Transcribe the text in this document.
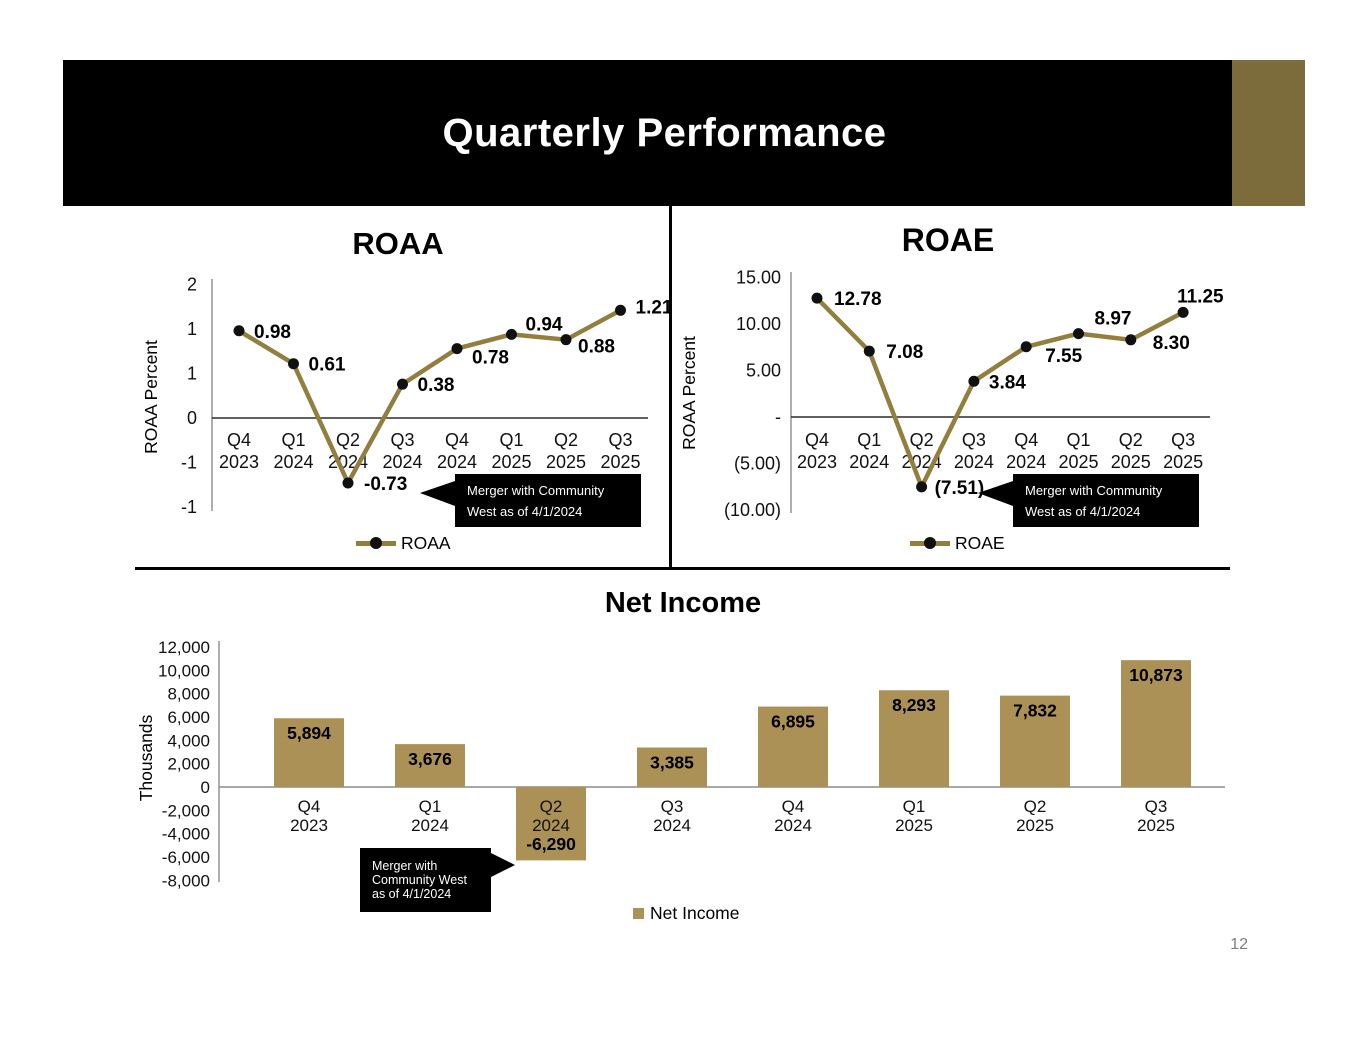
Quarterly Performance
ROAA	ROAE
Net Income
ROAA Percent	ROAA Percent
Thousands
2
1
1
0
-1
-1
Q4
2023
Q1
2024
Q2
2024
Q3
2024
Q4
2024
Q1
2025
Q2
2025
Q3
2025
0.98
0.61
-0.73
0.38
0.78
0.94
0.88
1.21
Merger with Community
West as of 4/1/2024
15.00
10.00
5.00
-
(5.00)
(10.00)
Q4
2023
Q1
2024
Q2
2024
Q3
2024
Q4
2024
Q1
2025
Q2
2025
Q3
2025
12.78
7.08
(7.51)
3.84
7.55
8.97
8.30
11.25
Merger with Community
West as of 4/1/2024
12,000
10,000
8,000
6,000
4,000
2,000
0
-2,000
-4,000
-6,000
-8,000
Q4
2023
Q1
2024
Q2
2024
Q3
2024
Q4
2024
Q1
2025
Q2
2025
Q3
2025
5,894
3,676
-6,290
3,385
6,895
8,293	7,832
10,873
Merger with
Community West
as of 4/1/2024
ROAA	ROAE
Net Income
12
